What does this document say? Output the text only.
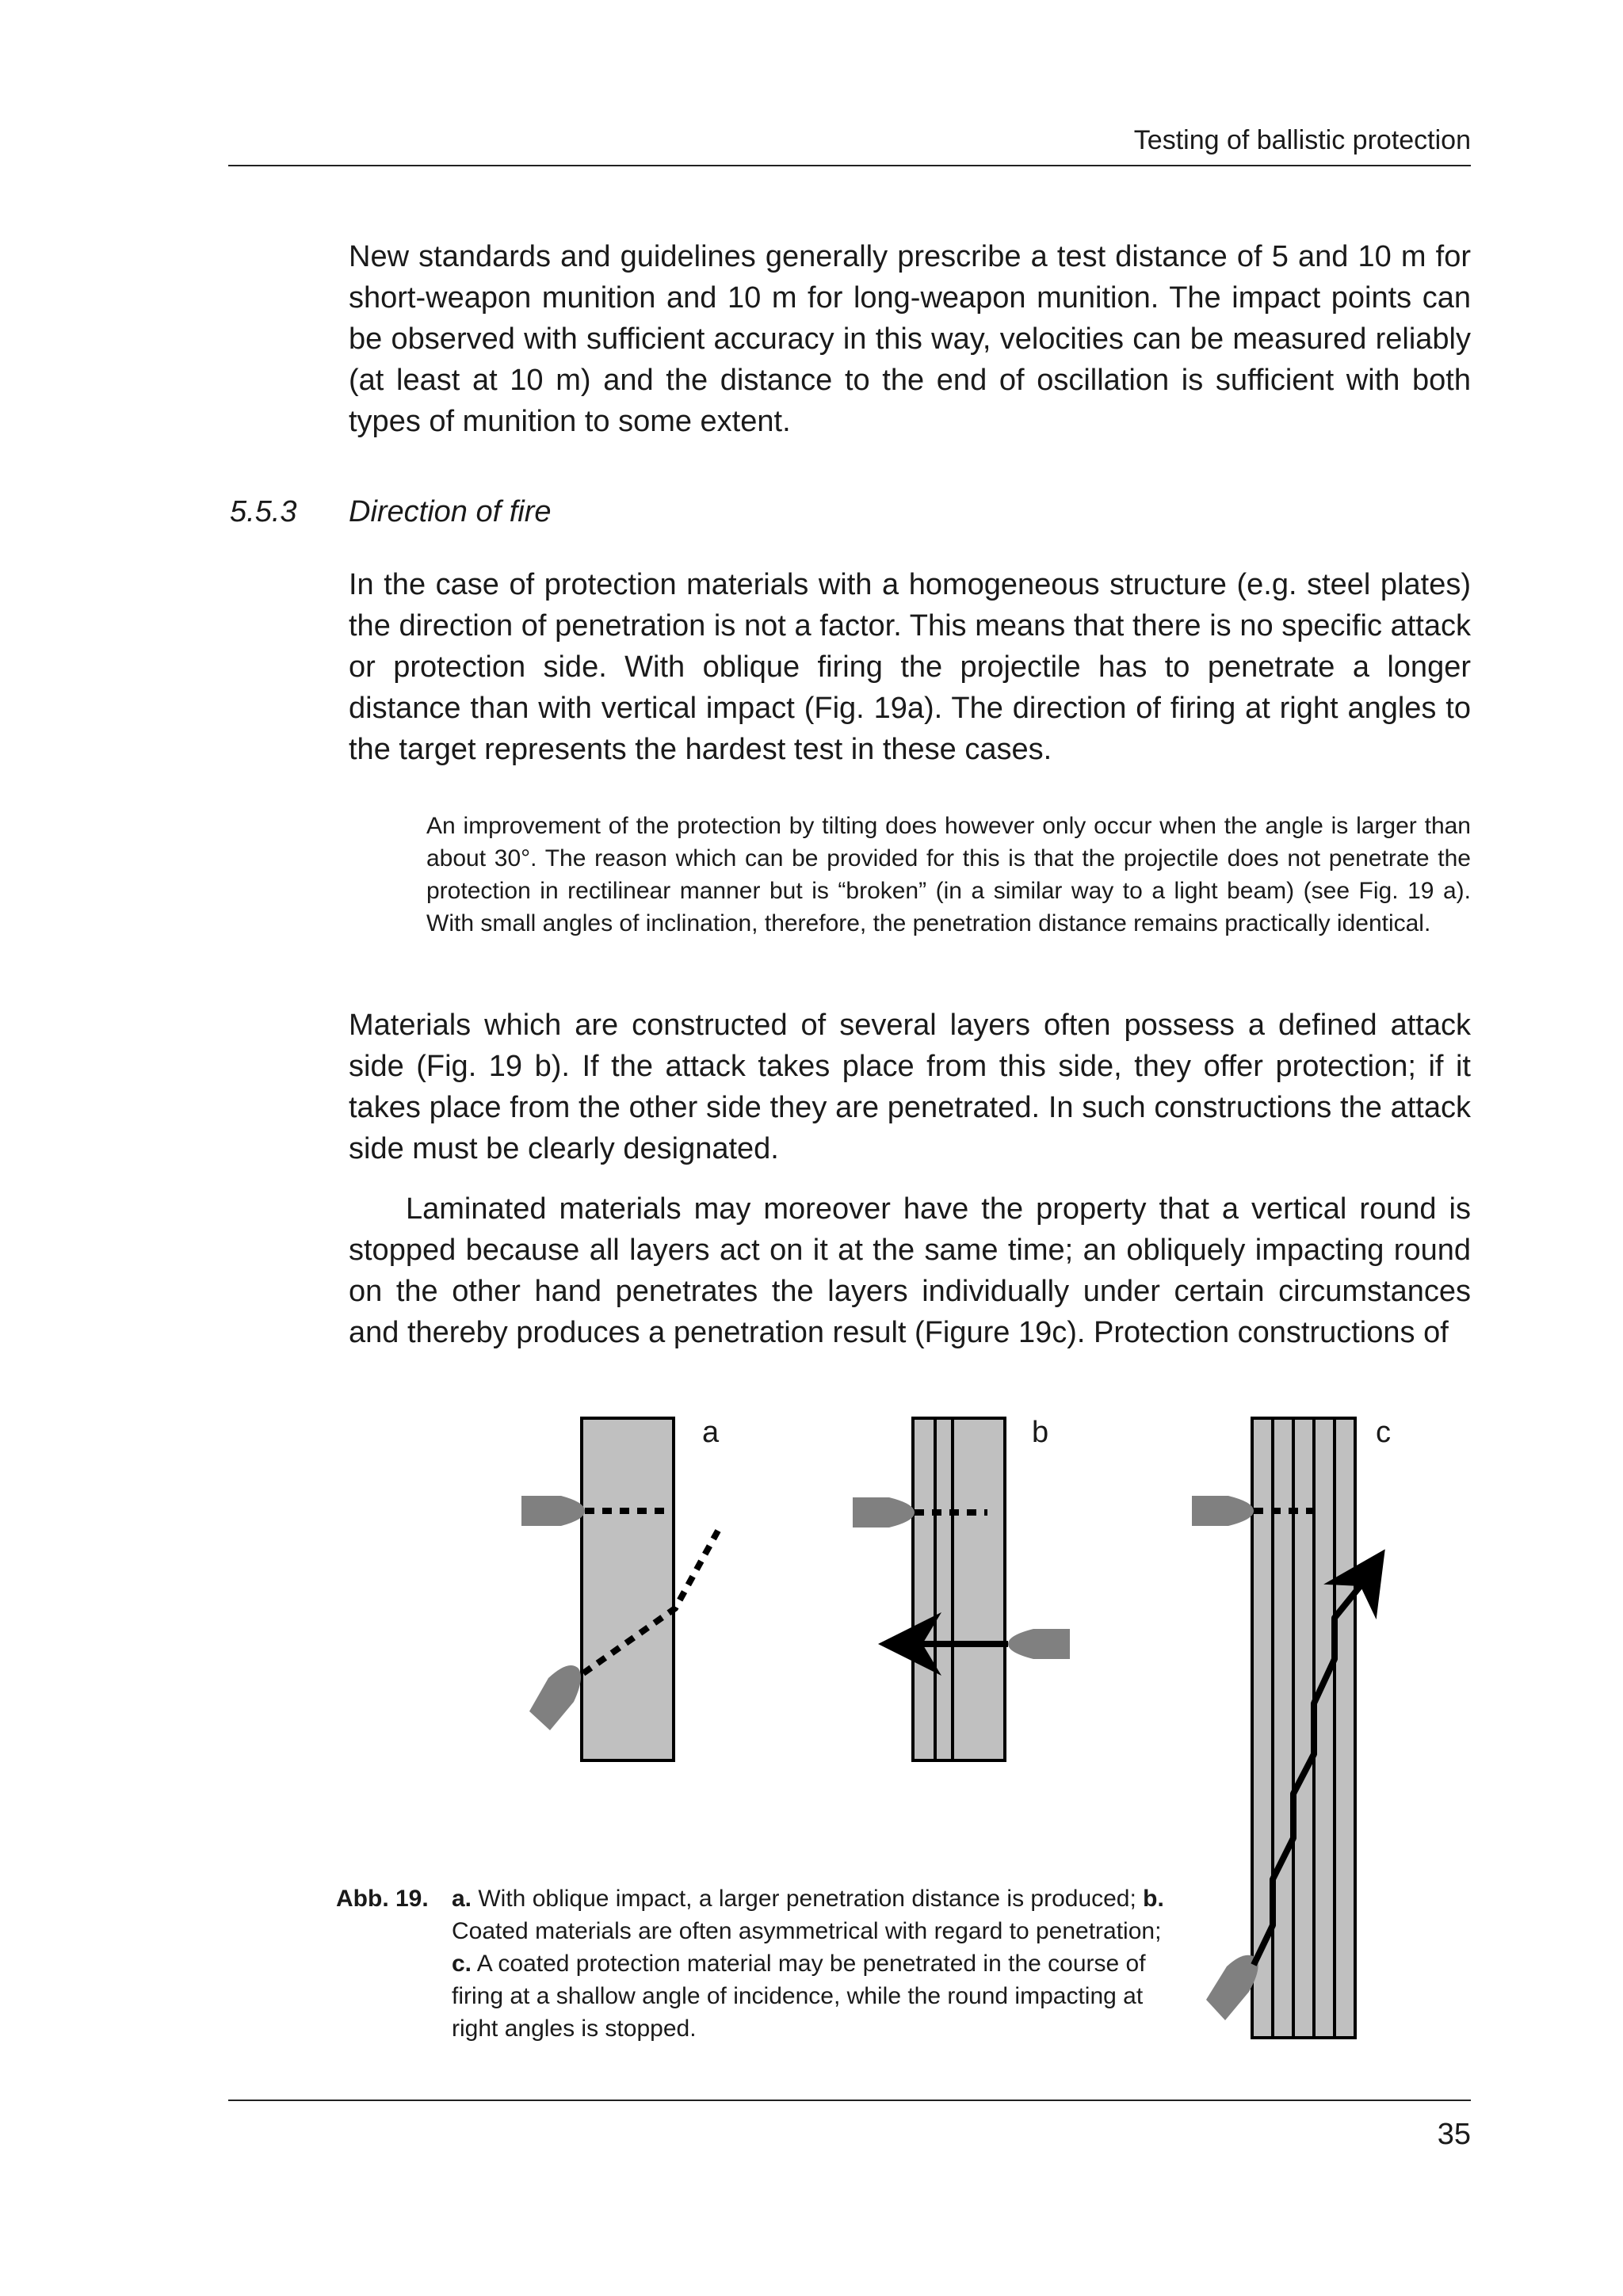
Testing of ballistic protection

New standards and guidelines generally prescribe a test distance of 5 and 10 m for short-weapon munition and 10 m for long-weapon munition. The impact points can be observed with sufficient accuracy in this way, velocities can be measured reliably (at least at 10 m) and the distance to the end of oscillation is sufficient with both types of munition to some extent.

5.5.3 Direction of fire

In the case of protection materials with a homogeneous structure (e.g. steel plates) the direction of penetration is not a factor. This means that there is no specific attack or protection side. With oblique firing the projectile has to penetrate a longer distance than with vertical impact (Fig. 19a). The direction of firing at right angles to the target represents the hardest test in these cases.

An improvement of the protection by tilting does however only occur when the angle is larger than about 30°. The reason which can be provided for this is that the projectile does not penetrate the protection in rectilinear manner but is “broken” (in a similar way to a light beam) (see Fig. 19 a). With small angles of inclination, therefore, the penetration distance remains practically identical.

Materials which are constructed of several layers often possess a defined attack side (Fig. 19 b). If the attack takes place from this side, they offer protection; if it takes place from the other side they are penetrated. In such constructions the attack side must be clearly designated.

Laminated materials may moreover have the property that a vertical round is stopped because all layers act on it at the same time; an obliquely impacting round on the other hand penetrates the layers individually under certain circumstances and thereby produces a penetration result (Figure 19c). Protection constructions of

a	b	c
Abb. 19. a. With oblique impact, a larger penetration distance is produced; b. Coated materials are often asymmetrical with regard to penetration; c. A coated protection material may be penetrated in the course of firing at a shallow angle of incidence, while the round impacting at right angles is stopped.
35
